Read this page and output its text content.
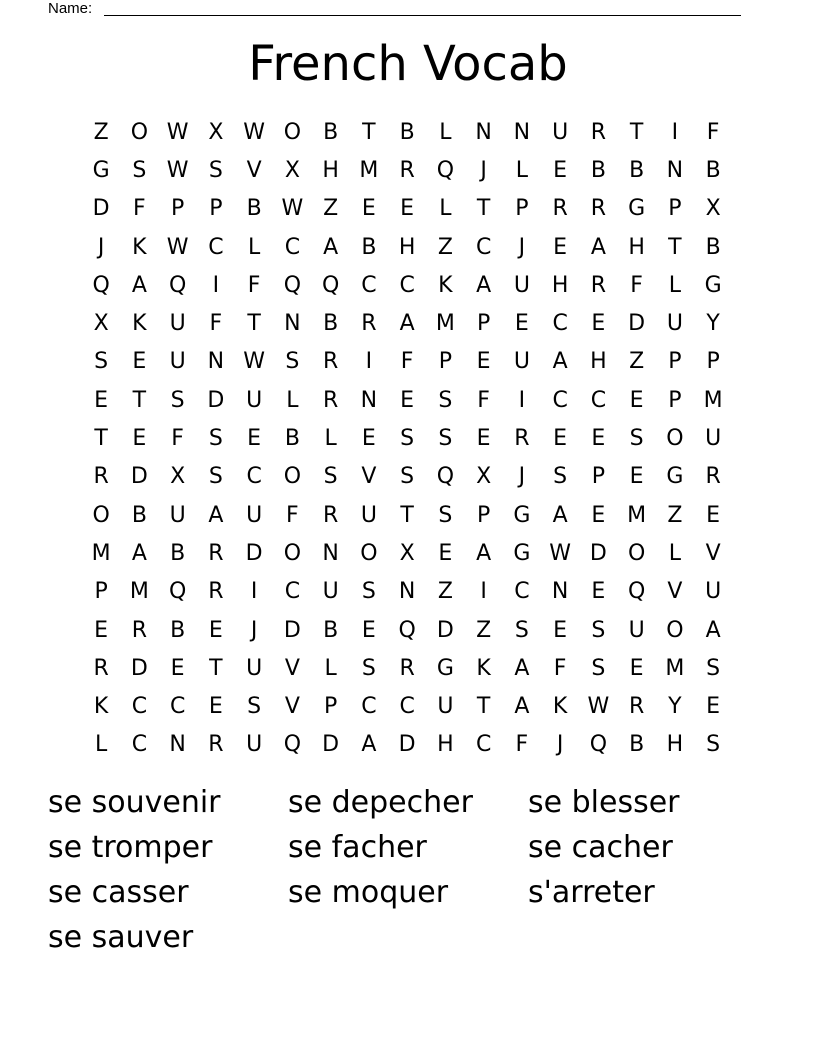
Name:
French Vocab
Z	O W X W O	B	T	B	L	N N U	R	T	I	F
G	S W S	V	X	H M R Q	J	L	E	B	B	N	B
D	F	P	P	B W Z	E	E	L	T	P	R	R	G	P	X
J	K W C	L	C	A	B	H	Z	C	J	E	A	H	T	B
Q	A	Q	I	F	Q Q C	C	K	A	U H	R	F	L	G
X	K	U	F	T	N	B	R	A M	P	E	C	E	D U	Y
S	E	U N W S	R	I	F	P	E	U	A	H	Z	P	P
E	T	S	D U	L	R	N	E	S	F	I	C	C	E	P	M
T	E	F	S	E	B	L	E	S	S	E	R	E	E	S	O U
R	D	X	S	C O	S	V	S	Q	X	J	S	P	E	G	R
O	B	U	A	U	F	R	U	T	S	P	G	A	E M Z	E
M A	B	R	D O N O	X	E	A	G W D O	L	V
P	M Q R	I	C	U	S	N	Z	I	C	N	E	Q	V	U
E	R	B	E	J	D	B	E	Q D	Z	S	E	S	U O	A
R	D	E	T	U	V	L	S	R	G	K	A	F	S	E M S
K	C	C	E	S	V	P	C	C	U	T	A	K W R	Y	E
L	C	N	R	U Q D	A	D H	C	F	J	Q	B	H	S
se souvenir	se depecher	se blesser
se tromper	se facher	se cacher
se casser	se moquer	s'arreter
se sauver
